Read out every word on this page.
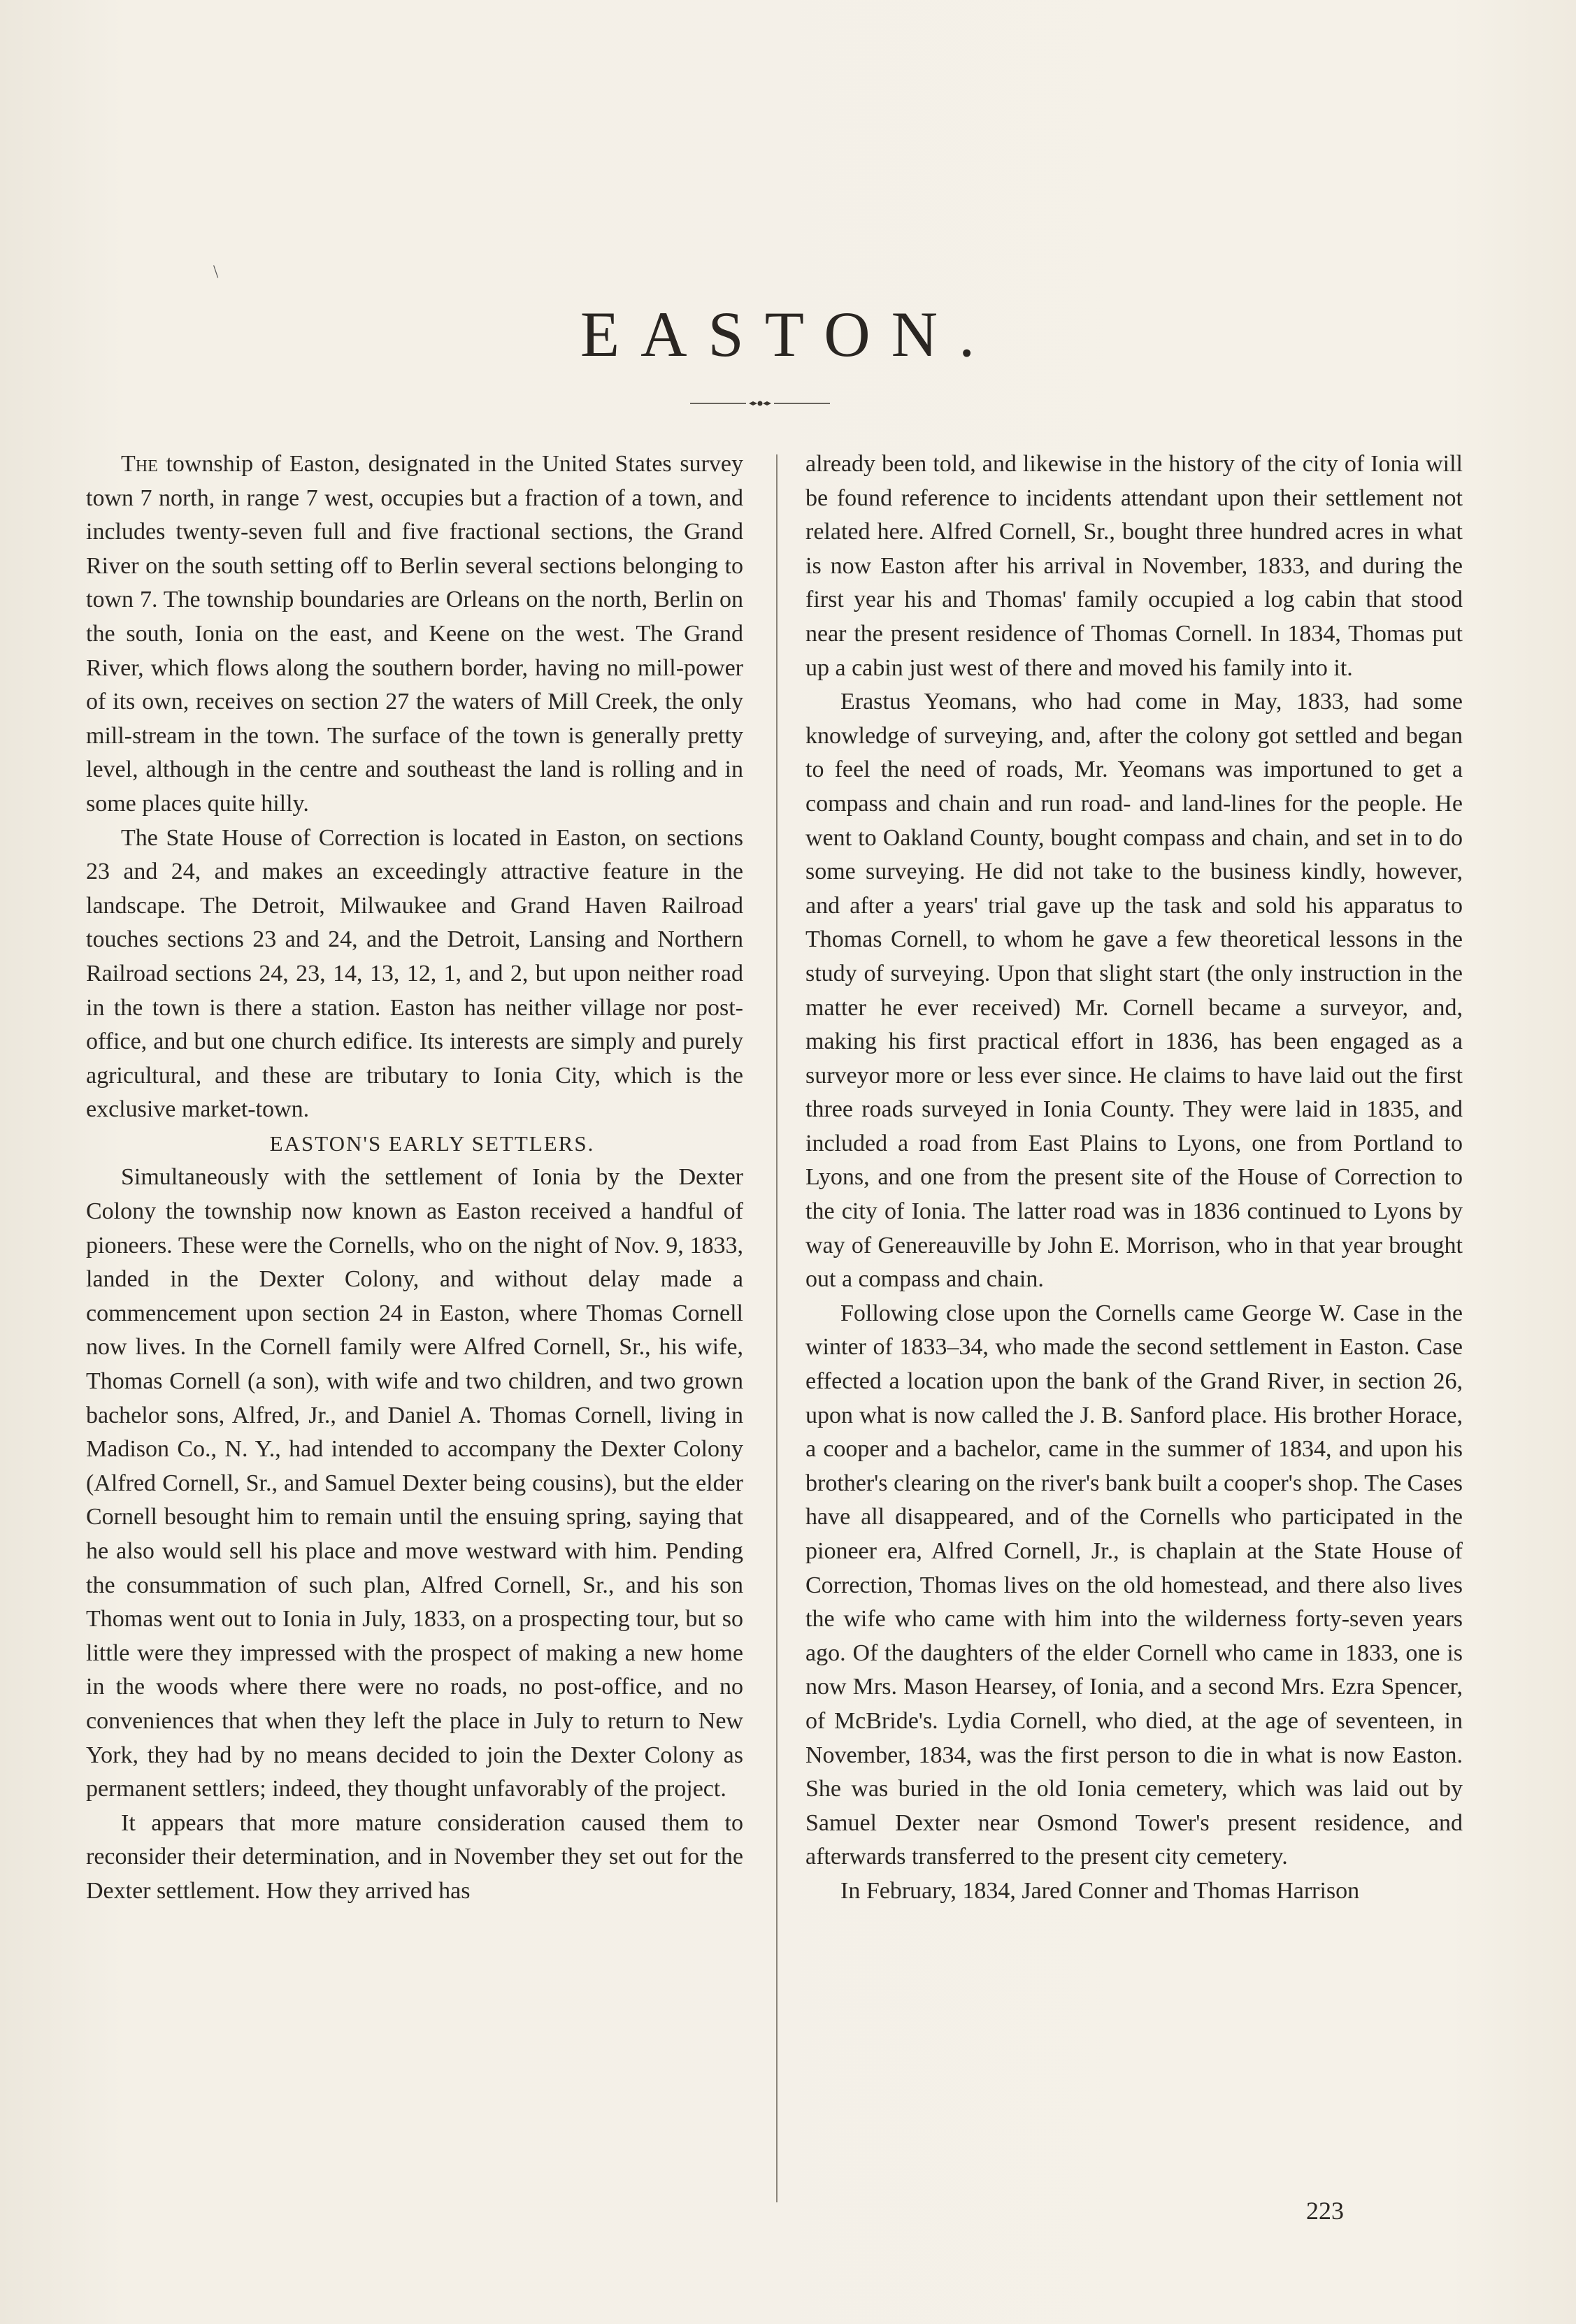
\
EASTON.

The township of Easton, designated in the United States survey town 7 north, in range 7 west, occupies but a fraction of a town, and includes twenty-seven full and five fractional sections, the Grand River on the south setting off to Berlin several sections belonging to town 7. The township boundaries are Orleans on the north, Berlin on the south, Ionia on the east, and Keene on the west. The Grand River, which flows along the southern border, having no mill-power of its own, receives on section 27 the waters of Mill Creek, the only mill-stream in the town. The surface of the town is generally pretty level, although in the centre and southeast the land is rolling and in some places quite hilly.

The State House of Correction is located in Easton, on sections 23 and 24, and makes an exceedingly attractive feature in the landscape. The Detroit, Milwaukee and Grand Haven Railroad touches sections 23 and 24, and the Detroit, Lansing and Northern Railroad sections 24, 23, 14, 13, 12, 1, and 2, but upon neither road in the town is there a station. Easton has neither village nor post-office, and but one church edifice. Its interests are simply and purely agricultural, and these are tributary to Ionia City, which is the exclusive market-town.

EASTON'S EARLY SETTLERS.

Simultaneously with the settlement of Ionia by the Dexter Colony the township now known as Easton received a handful of pioneers. These were the Cornells, who on the night of Nov. 9, 1833, landed in the Dexter Colony, and without delay made a commencement upon section 24 in Easton, where Thomas Cornell now lives. In the Cornell family were Alfred Cornell, Sr., his wife, Thomas Cornell (a son), with wife and two children, and two grown bachelor sons, Alfred, Jr., and Daniel A. Thomas Cornell, living in Madison Co., N. Y., had intended to accompany the Dexter Colony (Alfred Cornell, Sr., and Samuel Dexter being cousins), but the elder Cornell besought him to remain until the ensuing spring, saying that he also would sell his place and move westward with him. Pending the consummation of such plan, Alfred Cornell, Sr., and his son Thomas went out to Ionia in July, 1833, on a prospecting tour, but so little were they impressed with the prospect of making a new home in the woods where there were no roads, no post-office, and no conveniences that when they left the place in July to return to New York, they had by no means decided to join the Dexter Colony as permanent settlers; indeed, they thought unfavorably of the project.

It appears that more mature consideration caused them to reconsider their determination, and in November they set out for the Dexter settlement. How they arrived has

already been told, and likewise in the history of the city of Ionia will be found reference to incidents attendant upon their settlement not related here. Alfred Cornell, Sr., bought three hundred acres in what is now Easton after his arrival in November, 1833, and during the first year his and Thomas' family occupied a log cabin that stood near the present residence of Thomas Cornell. In 1834, Thomas put up a cabin just west of there and moved his family into it.

Erastus Yeomans, who had come in May, 1833, had some knowledge of surveying, and, after the colony got settled and began to feel the need of roads, Mr. Yeomans was importuned to get a compass and chain and run road- and land-lines for the people. He went to Oakland County, bought compass and chain, and set in to do some surveying. He did not take to the business kindly, however, and after a years' trial gave up the task and sold his apparatus to Thomas Cornell, to whom he gave a few theoretical lessons in the study of surveying. Upon that slight start (the only instruction in the matter he ever received) Mr. Cornell became a surveyor, and, making his first practical effort in 1836, has been engaged as a surveyor more or less ever since. He claims to have laid out the first three roads surveyed in Ionia County. They were laid in 1835, and included a road from East Plains to Lyons, one from Portland to Lyons, and one from the present site of the House of Correction to the city of Ionia. The latter road was in 1836 continued to Lyons by way of Genereauville by John E. Morrison, who in that year brought out a compass and chain.

Following close upon the Cornells came George W. Case in the winter of 1833–34, who made the second settlement in Easton. Case effected a location upon the bank of the Grand River, in section 26, upon what is now called the J. B. Sanford place. His brother Horace, a cooper and a bachelor, came in the summer of 1834, and upon his brother's clearing on the river's bank built a cooper's shop. The Cases have all disappeared, and of the Cornells who participated in the pioneer era, Alfred Cornell, Jr., is chaplain at the State House of Correction, Thomas lives on the old homestead, and there also lives the wife who came with him into the wilderness forty-seven years ago. Of the daughters of the elder Cornell who came in 1833, one is now Mrs. Mason Hearsey, of Ionia, and a second Mrs. Ezra Spencer, of McBride's. Lydia Cornell, who died, at the age of seventeen, in November, 1834, was the first person to die in what is now Easton. She was buried in the old Ionia cemetery, which was laid out by Samuel Dexter near Osmond Tower's present residence, and afterwards transferred to the present city cemetery.

In February, 1834, Jared Conner and Thomas Harrison

223
